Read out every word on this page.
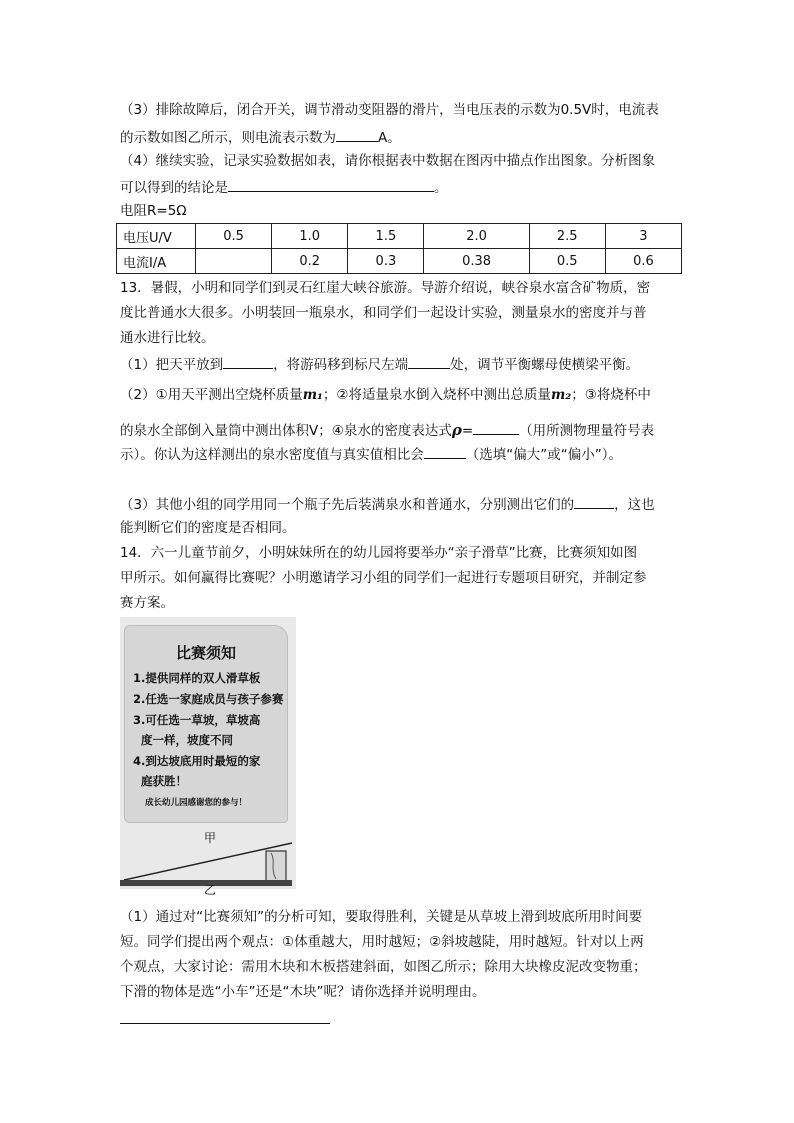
（3）排除故障后，闭合开关，调节滑动变阻器的滑片，当电压表的示数为0.5V时，电流表
的示数如图乙所示，则电流表示数为	A。
（4）继续实验，记录实验数据如表，请你根据表中数据在图丙中描点作出图象。分析图象
可以得到的结论是	。
电阻R=5Ω
电压U/V	0.5	1.0	1.5	2.0	2.5	3
电流I/A		0.2	0.3	0.38	0.5	0.6
13．暑假，小明和同学们到灵石红崖大峡谷旅游。导游介绍说，峡谷泉水富含矿物质，密
度比普通水大很多。小明装回一瓶泉水，和同学们一起设计实验，测量泉水的密度并与普
通水进行比较。
（1）把天平放到	，将游码移到标尺左端	处，调节平衡螺母使横梁平衡。
（2）①用天平测出空烧杯质量m₁；②将适量泉水倒入烧杯中测出总质量m₂；③将烧杯中
的泉水全部倒入量筒中测出体积V；④泉水的密度表达式ρ=	（用所测物理量符号表
示）。你认为这样测出的泉水密度值与真实值相比会	（选填“偏大”或“偏小”）。
（3）其他小组的同学用同一个瓶子先后装满泉水和普通水，分别测出它们的	，这也
能判断它们的密度是否相同。
14．六一儿童节前夕，小明妹妹所在的幼儿园将要举办“亲子滑草”比赛，比赛须知如图
甲所示。如何赢得比赛呢？小明邀请学习小组的同学们一起进行专题项目研究，并制定参
赛方案。
比赛须知
1.提供同样的双人滑草板
2.任选一家庭成员与孩子参赛
3.可任选一草坡，草坡高
度一样，坡度不同
4.到达坡底用时最短的家
庭获胜！
成长幼儿园感谢您的参与！
甲
乙
（1）通过对“比赛须知”的分析可知，要取得胜利，关键是从草坡上滑到坡底所用时间要
短。同学们提出两个观点：①体重越大，用时越短；②斜坡越陡，用时越短。针对以上两
个观点，大家讨论：需用木块和木板搭建斜面，如图乙所示；除用大块橡皮泥改变物重；
下滑的物体是选“小车”还是“木块”呢？请你选择并说明理由。
